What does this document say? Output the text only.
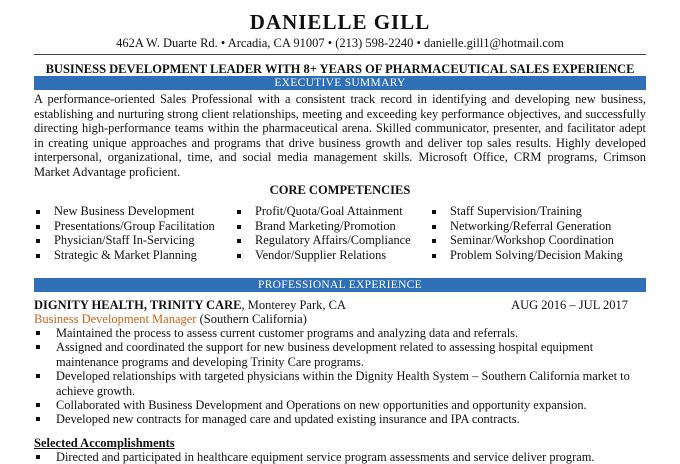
DANIELLE GILL
462A W. Duarte Rd. • Arcadia, CA 91007 • (213) 598-2240 • danielle.gill1@hotmail.com
BUSINESS DEVELOPMENT LEADER WITH 8+ YEARS OF PHARMACEUTICAL SALES EXPERIENCE
EXECUTIVE SUMMARY

A performance-oriented Sales Professional with a consistent track record in identifying and developing new business, establishing and nurturing strong client relationships, meeting and exceeding key performance objectives, and successfully directing high-performance teams within the pharmaceutical arena. Skilled communicator, presenter, and facilitator adept in creating unique approaches and programs that drive business growth and deliver top sales results. Highly developed interpersonal, organizational, time, and social media management skills. Microsoft Office, CRM programs, Crimson Market Advantage proficient.

CORE COMPETENCIES
New Business Development
Presentations/Group Facilitation
Physician/Staff In-Servicing
Strategic & Market Planning
Profit/Quota/Goal Attainment
Brand Marketing/Promotion
Regulatory Affairs/Compliance
Vendor/Supplier Relations
Staff Supervision/Training
Networking/Referral Generation
Seminar/Workshop Coordination
Problem Solving/Decision Making
PROFESSIONAL EXPERIENCE
DIGNITY HEALTH, TRINITY CARE, Monterey Park, CA	AUG 2016 – JUL 2017
Business Development Manager (Southern California)
Maintained the process to assess current customer programs and analyzing data and referrals.
Assigned and coordinated the support for new business development related to assessing hospital equipment maintenance programs and developing Trinity Care programs.
Developed relationships with targeted physicians within the Dignity Health System – Southern California market to achieve growth.
Collaborated with Business Development and Operations on new opportunities and opportunity expansion.
Developed new contracts for managed care and updated existing insurance and IPA contracts.
Selected Accomplishments
Directed and participated in healthcare equipment service program assessments and service deliver program.
